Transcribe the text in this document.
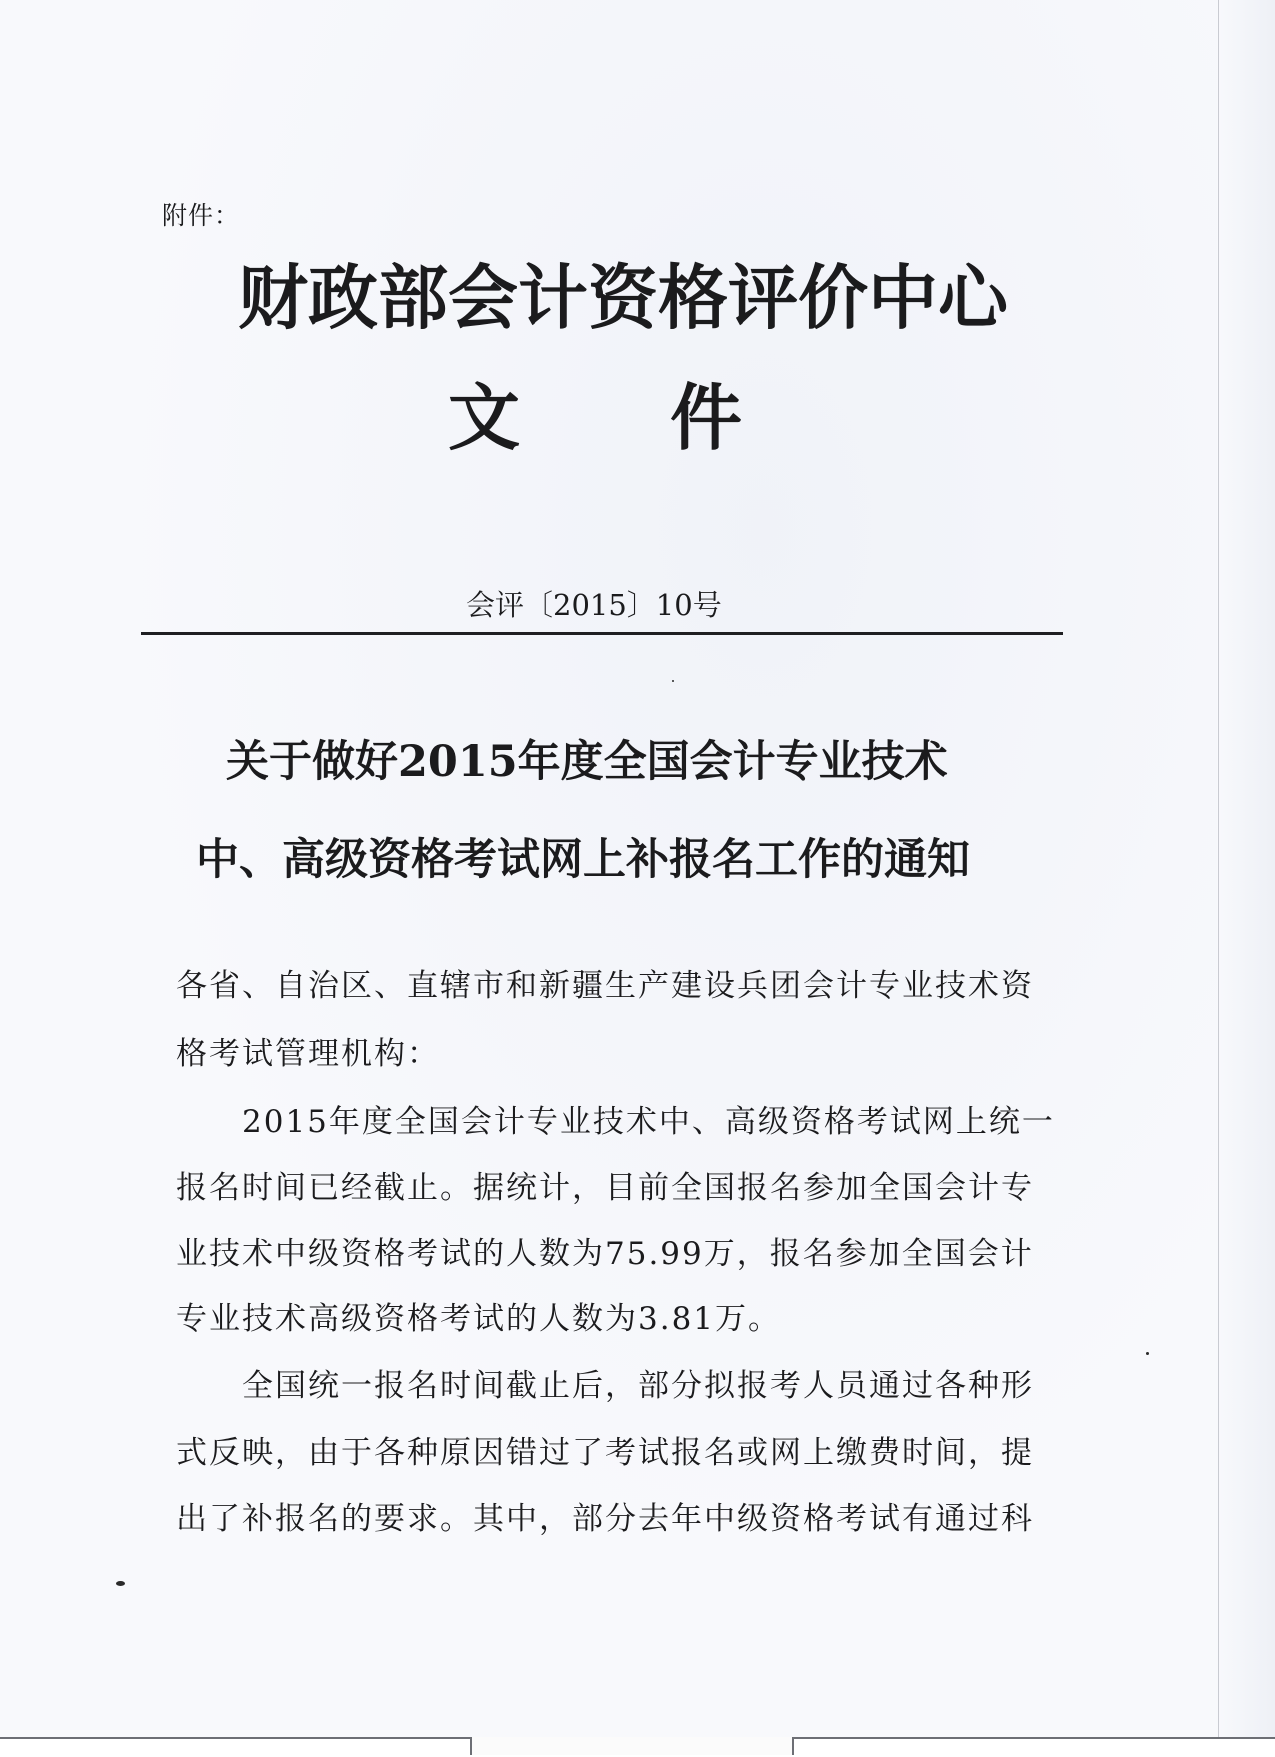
附件：
财政部会计资格评价中心
文件
会评〔2015〕10号
关于做好2015年度全国会计专业技术
中、高级资格考试网上补报名工作的通知
各省、自治区、直辖市和新疆生产建设兵团会计专业技术资
格考试管理机构：
　　2015年度全国会计专业技术中、高级资格考试网上统一
报名时间已经截止。据统计，目前全国报名参加全国会计专
业技术中级资格考试的人数为75.99万，报名参加全国会计
专业技术高级资格考试的人数为3.81万。
　　全国统一报名时间截止后，部分拟报考人员通过各种形
式反映，由于各种原因错过了考试报名或网上缴费时间，提
出了补报名的要求。其中，部分去年中级资格考试有通过科
